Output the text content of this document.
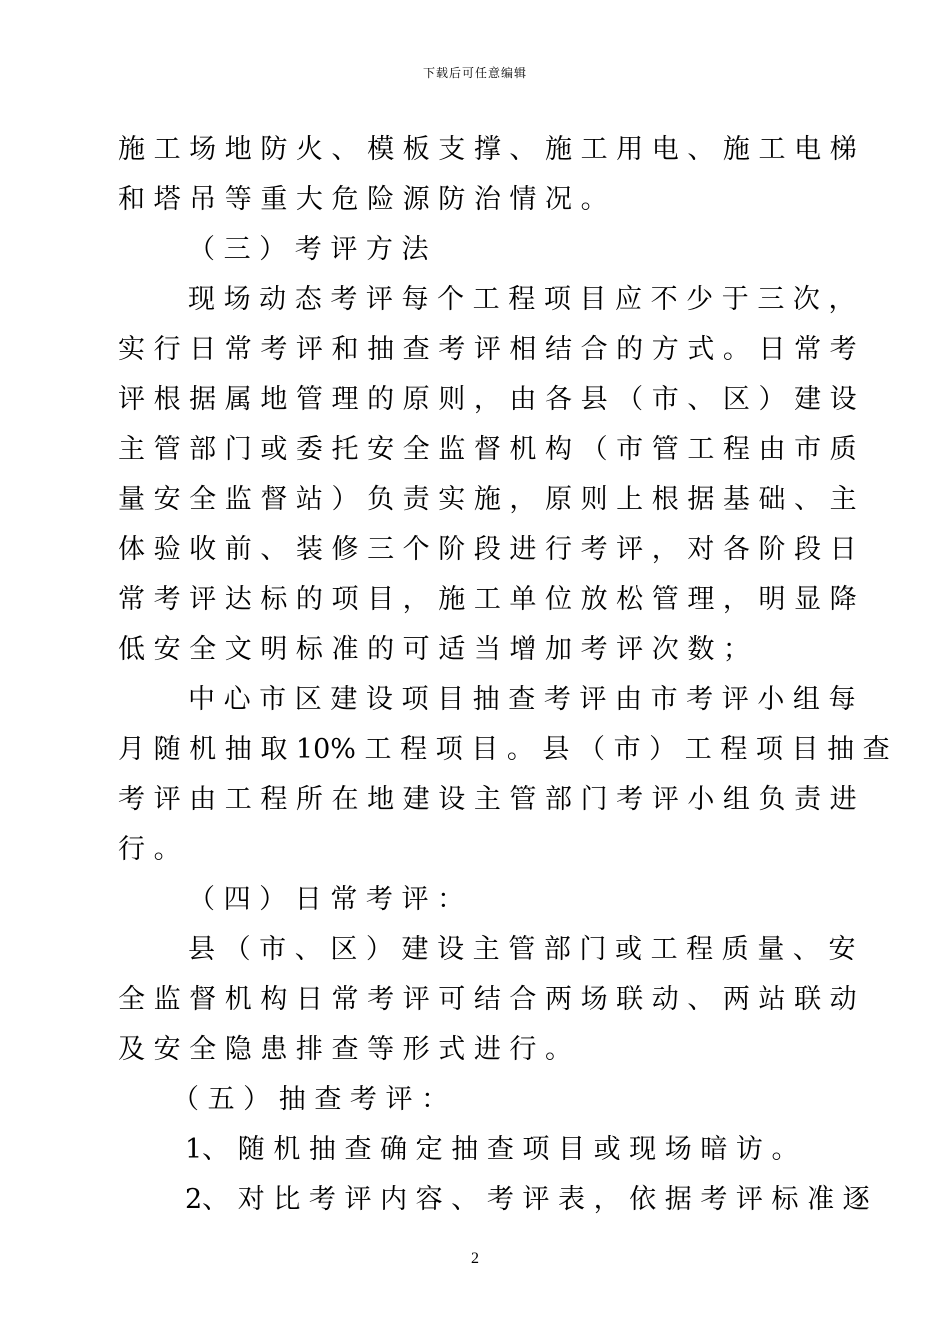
下载后可任意编辑
施 工 场 地 防 火 、 模 板 支 撑 、 施 工 用 电 、 施 工 电 梯
和 塔 吊 等 重 大 危 险 源 防 治 情 况 。
（ 三 ） 考 评 方 法
现 场 动 态 考 评 每 个 工 程 项 目 应 不 少 于 三 次 ，
实 行 日 常 考 评 和 抽 查 考 评 相 结 合 的 方 式 。 日 常 考
评 根 据 属 地 管 理 的 原 则 ， 由 各 县 （ 市 、 区 ） 建 设
主 管 部 门 或 委 托 安 全 监 督 机 构 （ 市 管 工 程 由 市 质
量 安 全 监 督 站 ） 负 责 实 施 ， 原 则 上 根 据 基 础 、 主
体 验 收 前 、 装 修 三 个 阶 段 进 行 考 评 ， 对 各 阶 段 日
常 考 评 达 标 的 项 目 ， 施 工 单 位 放 松 管 理 ， 明 显 降
低 安 全 文 明 标 准 的 可 适 当 增 加 考 评 次 数 ；
中 心 市 区 建 设 项 目 抽 查 考 评 由 市 考 评 小 组 每
月 随 机 抽 取 10% 工 程 项 目 。 县 （ 市 ） 工 程 项 目 抽 查
考 评 由 工 程 所 在 地 建 设 主 管 部 门 考 评 小 组 负 责 进
行 。
（ 四 ） 日 常 考 评 ：
县 （ 市 、 区 ） 建 设 主 管 部 门 或 工 程 质 量 、 安
全 监 督 机 构 日 常 考 评 可 结 合 两 场 联 动 、 两 站 联 动
及 安 全 隐 患 排 查 等 形 式 进 行 。
（ 五 ） 抽 查 考 评 ：
1、 随 机 抽 查 确 定 抽 查 项 目 或 现 场 暗 访 。
2、 对 比 考 评 内 容 、 考 评 表 ， 依 据 考 评 标 准 逐
2
